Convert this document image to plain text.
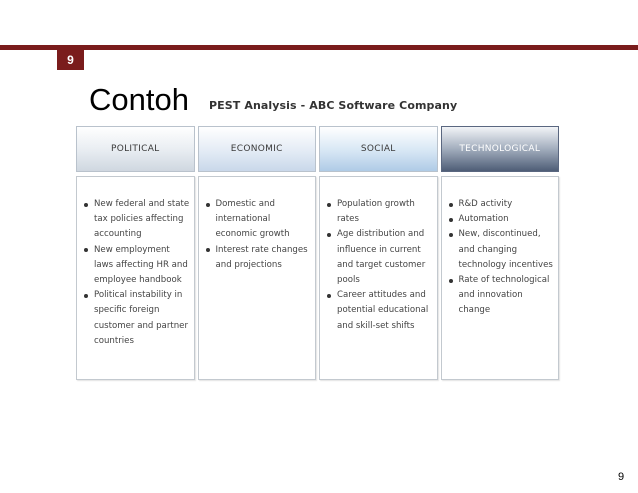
9
Contoh PEST Analysis - ABC Software Company
POLITICAL
New federal and state tax policies affecting accounting
New employment laws affecting HR and employee handbook
Political instability in specific foreign customer and partner countries
ECONOMIC
Domestic and international economic growth
Interest rate changes and projections
SOCIAL
Population growth rates
Age distribution and influence in current and target customer pools
Career attitudes and potential educational and skill-set shifts
TECHNOLOGICAL
R&D activity
Automation
New, discontinued, and changing technology incentives
Rate of technological and innovation change
9
